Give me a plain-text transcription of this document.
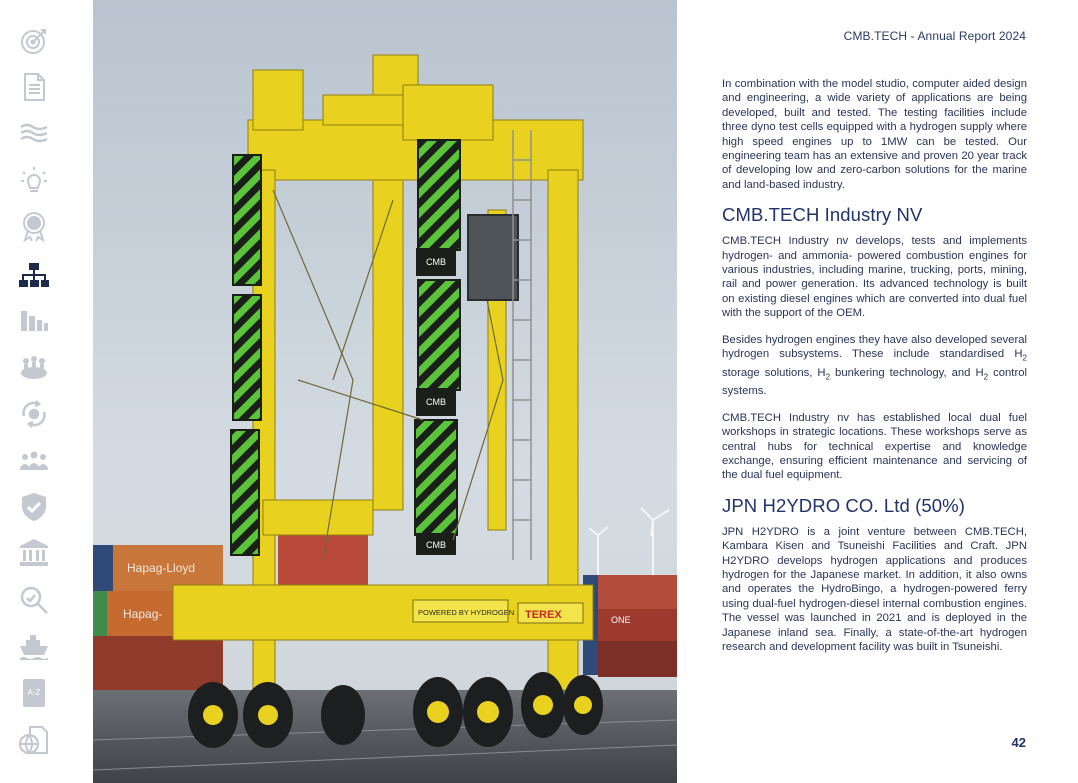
A-Z
Hapag-Lloyd
Hapag-	ONE
CMB
CMB
CMB
POWERED BY HYDROGEN TEREX
CMB.TECH - Annual Report 2024

In combination with the model studio, computer aided design and engineering, a wide variety of applications are being developed, built and tested. The testing facilities include three dyno test cells equipped with a hydrogen supply where high speed engines up to 1MW can be tested. Our engineering team has an extensive and proven 20 year track of developing low and zero-carbon solutions for the marine and land-based industry.

CMB.TECH Industry NV

CMB.TECH Industry nv develops, tests and implements hydrogen- and ammonia- powered combustion engines for various industries, including marine, trucking, ports, mining, rail and power generation. Its advanced technology is built on existing diesel engines which are converted into dual fuel with the support of the OEM.

Besides hydrogen engines they have also developed several hydrogen subsystems. These include standardised $H_2$ storage solutions, $H_2$ bunkering technology, and $H_2$ control systems.

CMB.TECH Industry nv has established local dual fuel workshops in strategic locations. These workshops serve as central hubs for technical expertise and knowledge exchange, ensuring efficient maintenance and servicing of the dual fuel equipment.

JPN H2YDRO CO. Ltd (50%)

JPN H2YDRO is a joint venture between CMB.TECH, Kambara Kisen and Tsuneishi Facilities and Craft. JPN H2YDRO develops hydrogen applications and produces hydrogen for the Japanese market. In addition, it also owns and operates the HydroBingo, a hydrogen-powered ferry using dual-fuel hydrogen-diesel internal combustion engines. The vessel was launched in 2021 and is deployed in the Japanese inland sea. Finally, a state-of-the-art hydrogen research and development facility was built in Tsuneishi.

42
